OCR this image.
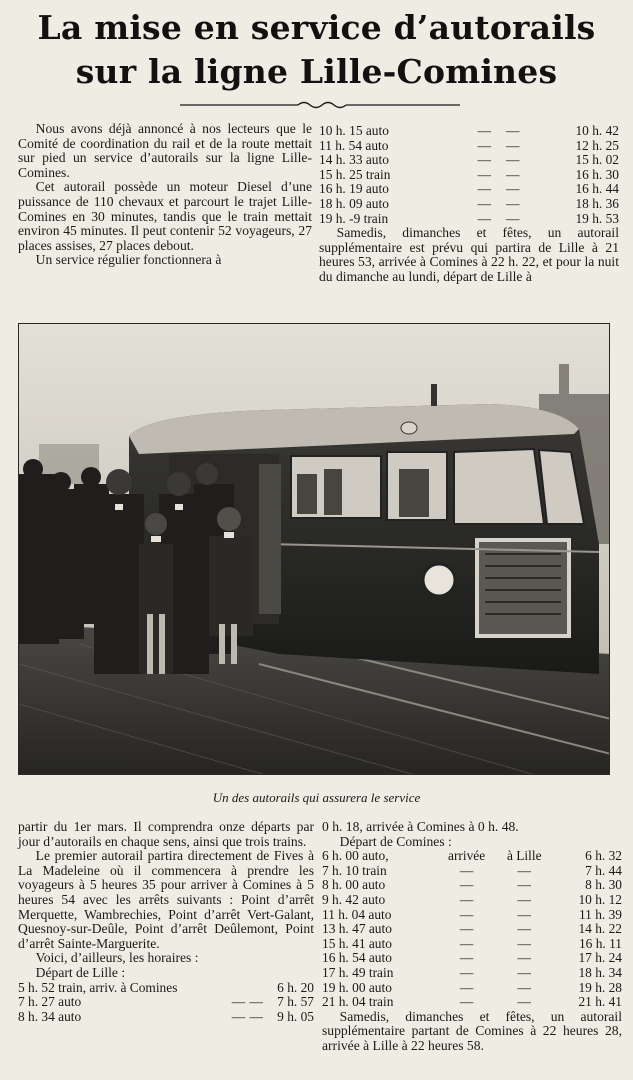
La mise en service d’autorails
sur la ligne Lille-Comines

Nous avons déjà annoncé à nos lecteurs que le Comité de coordination du rail et de la route mettait sur pied un service d’autorails sur la ligne Lille-Comines.

Cet autorail possède un moteur Diesel d’une puissance de 110 chevaux et parcourt le trajet Lille-Comines en 30 minutes, tandis que le train mettait environ 45 minutes. Il peut contenir 52 voyageurs, 27 places assises, 27 places debout.

Un service régulier fonctionnera à

10 h. 15 auto	—	—	10 h. 42
11 h. 54 auto	—	—	12 h. 25
14 h. 33 auto	—	—	15 h. 02
15 h. 25 train	—	—	16 h. 30
16 h. 19 auto	—	—	16 h. 44
18 h. 09 auto	—	—	18 h. 36
19 h. -9 train	—	—	19 h. 53

Samedis, dimanches et fêtes, un autorail supplémentaire est prévu qui partira de Lille à 21 heures 53, arrivée à Comines à 22 h. 22, et pour la nuit du dimanche au lundi, départ de Lille à

Un des autorails qui assurera le service

partir du 1er mars. Il comprendra onze départs par jour d’autorails en chaque sens, ainsi que trois trains.

Le premier autorail partira directement de Fives à La Madeleine où il commencera à prendre les voyageurs à 5 heures 35 pour arriver à Comines à 5 heures 54 avec les arrêts suivants : Point d’arrêt Merquette, Wambrechies, Point d’arrêt Vert-Galant, Quesnoy-sur-Deûle, Point d’arrêt Deûlemont, Point d’arrêt Sainte-Marguerite.

Voici, d’ailleurs, les horaires :

Départ de Lille :
5 h. 52 train, arriv. à Comines			6 h. 20
7 h. 27 auto	—	—	7 h. 57
8 h. 34 auto	—	—	9 h. 05

0 h. 18, arrivée à Comines à 0 h. 48.

Départ de Comines :
6 h. 00 auto,	arrivée	à Lille	6 h. 32
7 h. 10 train	—	—	7 h. 44
8 h. 00 auto	—	—	8 h. 30
9 h. 42 auto	—	—	10 h. 12
11 h. 04 auto	—	—	11 h. 39
13 h. 47 auto	—	—	14 h. 22
15 h. 41 auto	—	—	16 h. 11
16 h. 54 auto	—	—	17 h. 24
17 h. 49 train	—	—	18 h. 34
19 h. 00 auto	—	—	19 h. 28
21 h. 04 train	—	—	21 h. 41

Samedis, dimanches et fêtes, un autorail supplémentaire partant de Comines à 22 heures 28, arrivée à Lille à 22 heures 58.
